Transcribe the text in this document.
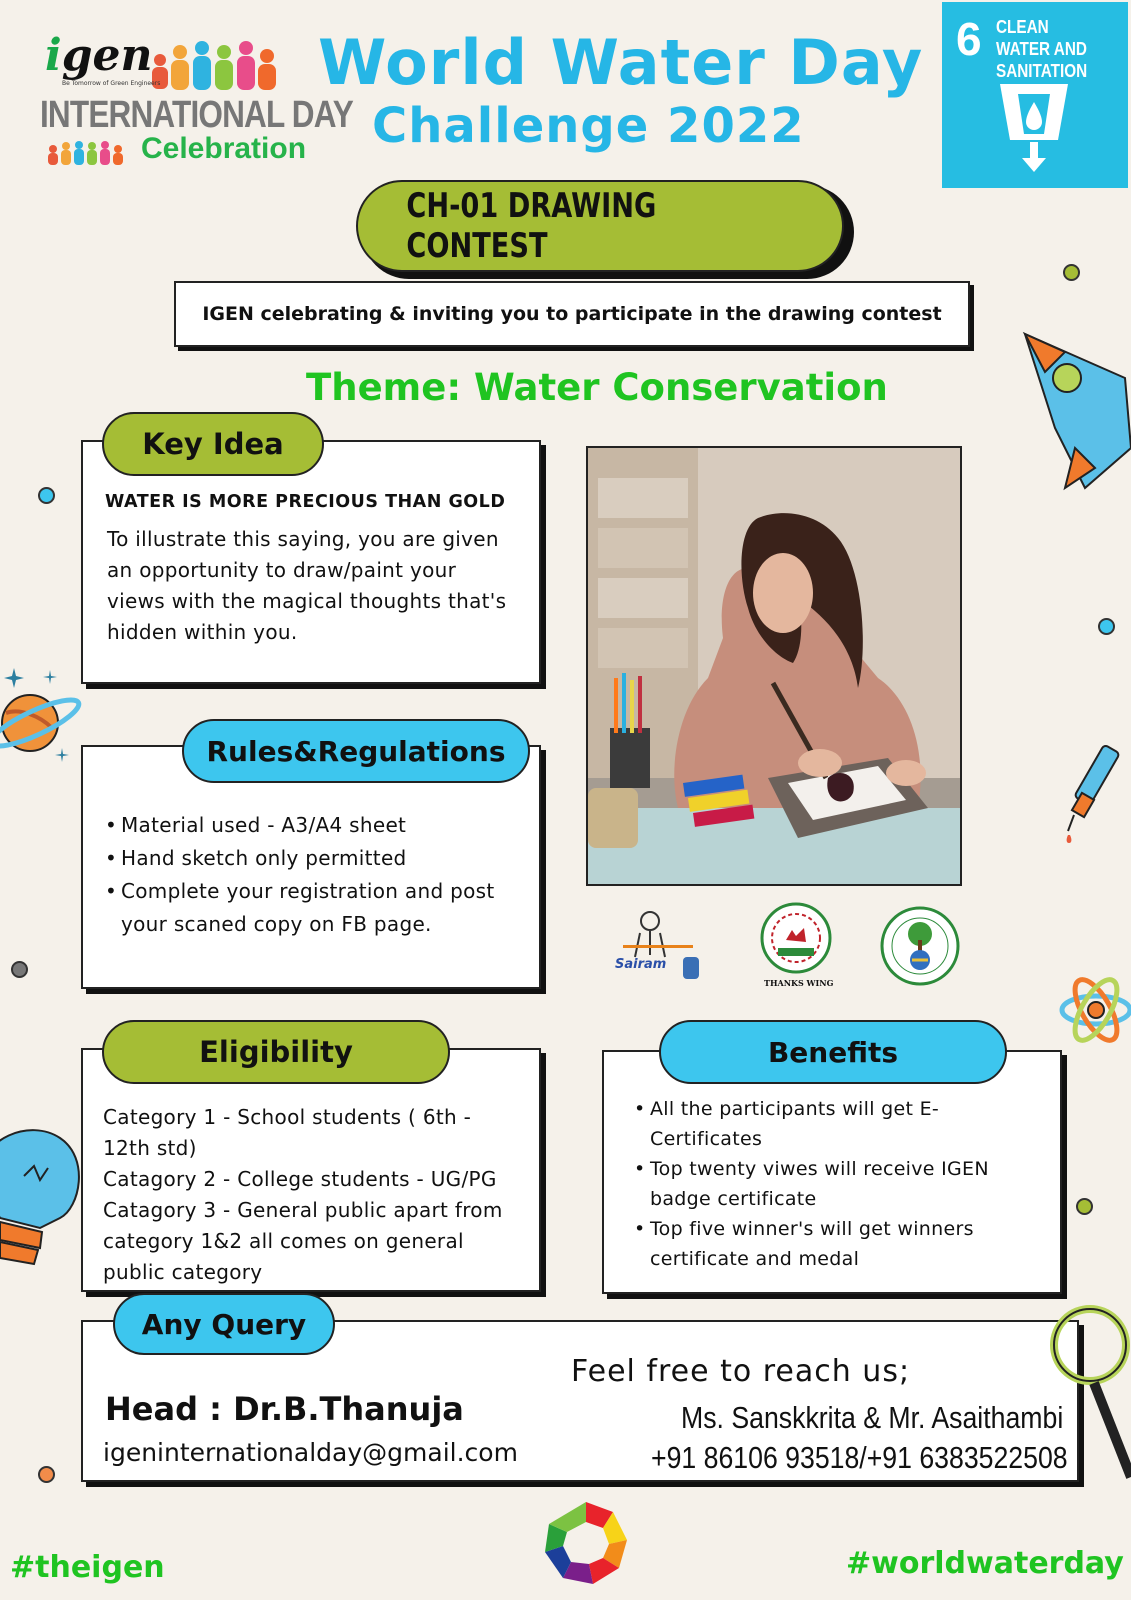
igen
Be Tomorrow of Green Engineers
INTERNATIONAL DAY
Celebration
World Water Day
Challenge 2022
6 CLEAN WATER AND SANITATION
CH-01 DRAWING CONTEST
IGEN celebrating & inviting you to participate in the drawing contest
Theme: Water Conservation
WATER IS MORE PRECIOUS THAN GOLD
To illustrate this saying, you are given an opportunity to draw/paint your views with the magical thoughts that's hidden within you.
Key Idea
• Material used - A3/A4 sheet
• Hand sketch only permitted
• Complete your registration and post your scaned copy on FB page.
Rules&Regulations
Sairam
THANKS WING
Category 1 - School students ( 6th - 12th std)
Catagory 2 - College students - UG/PG
Catagory 3 - General public apart from category 1&2 all comes on general public category
Eligibility
• All the participants will get E-Certificates
• Top twenty viwes will receive IGEN badge certificate
• Top five winner's will get winners certificate and medal
Benefits
Head : Dr.B.Thanuja
igeninternationalday@gmail.com
Feel free to reach us;
Ms. Sanskkrita & Mr. Asaithambi
+91 86106 93518/+91 6383522508
Any Query
#theigen	#worldwaterday
